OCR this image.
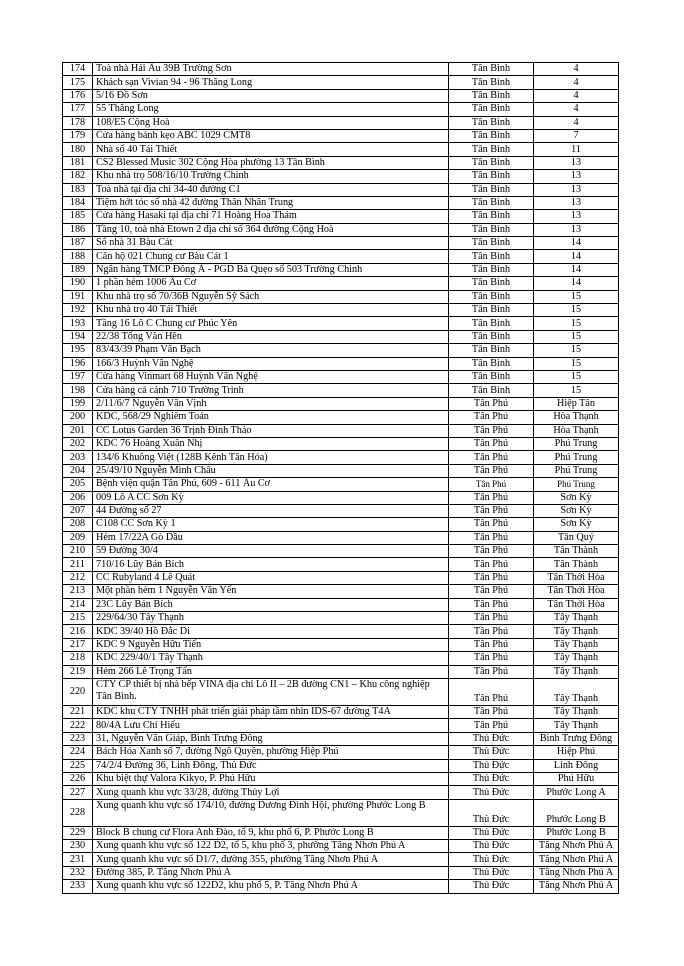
174	Toà nhà Hải Âu 39B Trường Sơn	Tân Bình	4
175	Khách sạn Vivian 94 - 96 Thăng Long	Tân Bình	4
176	5/16 Đồ Sơn	Tân Bình	4
177	55 Thăng Long	Tân Bình	4
178	108/E5 Cộng Hoà	Tân Bình	4
179	Cửa hàng bánh kẹo ABC 1029 CMT8	Tân Bình	7
180	Nhà số 40 Tái Thiết	Tân Bình	11
181	CS2 Blessed Music 302 Cộng Hòa phường 13 Tân Bình	Tân Bình	13
182	Khu nhà trọ 508/16/10 Trường Chinh	Tân Bình	13
183	Toà nhà tại địa chỉ 34-40 đường C1	Tân Bình	13
184	Tiệm hớt tóc số nhà 42 đường Thân Nhân Trung	Tân Bình	13
185	Cửa hàng Hasaki tại địa chỉ 71 Hoàng Hoa Thám	Tân Bình	13
186	Tầng 10, toà nhà Etown 2 địa chỉ số 364 đường Cộng Hoà	Tân Bình	13
187	Số nhà 31 Bàu Cát	Tân Bình	14
188	Căn hộ 021 Chung cư Bàu Cát 1	Tân Bình	14
189	Ngân hàng TMCP Đông Á - PGD Bà Quẹo số 503 Trường Chinh	Tân Bình	14
190	1 phần hẻm 1006 Âu Cơ	Tân Bình	14
191	Khu nhà trọ số 70/36B Nguyễn Sỹ Sách	Tân Bình	15
192	Khu nhà trọ 40 Tái Thiết	Tân Bình	15
193	Tầng 16 Lô C Chung cư Phúc Yên	Tân Bình	15
194	22/38 Tống Văn Hên	Tân Bình	15
195	83/43/39 Phạm Văn Bạch	Tân Bình	15
196	166/3 Huỳnh Văn Nghệ	Tân Bình	15
197	Cửa hàng Vinmart 68 Huỳnh Văn Nghệ	Tân Bình	15
198	Cửa hàng cá cảnh 710 Trường Trinh	Tân Bình	15
199	2/11/6/7 Nguyễn Văn Vịnh	Tân Phú	Hiệp Tân
200	KDC, 568/29 Nghiêm Toản	Tân Phú	Hòa Thạnh
201	CC Lotus Garden 36 Trịnh Đình Thảo	Tân Phú	Hòa Thạnh
202	KDC 76 Hoàng Xuân Nhị	Tân Phú	Phú Trung
203	134/6 Khuông Việt (128B Kênh Tân Hóa)	Tân Phú	Phú Trung
204	25/49/10 Nguyễn Minh Châu	Tân Phú	Phú Trung
205	Bệnh viện quận Tân Phú, 609 - 611 Âu Cơ	Tân Phú	Phú Trung
206	009 Lô A CC Sơn Kỳ	Tân Phú	Sơn Kỳ
207	44 Đường số 27	Tân Phú	Sơn Kỳ
208	C108 CC Sơn Kỳ 1	Tân Phú	Sơn Kỳ
209	Hẻm 17/22A Gò Dầu	Tân Phú	Tân Quý
210	59 Đường 30/4	Tân Phú	Tân Thành
211	710/16 Lũy Bán Bích	Tân Phú	Tân Thành
212	CC Rubyland 4 Lê Quát	Tân Phú	Tân Thới Hòa
213	Một phần hẻm 1 Nguyễn Văn Yến	Tân Phú	Tân Thới Hòa
214	23C Lũy Bán Bích	Tân Phú	Tân Thới Hòa
215	229/64/30 Tây Thạnh	Tân Phú	Tây Thạnh
216	KDC 39/40 Hồ Đắc Di	Tân Phú	Tây Thạnh
217	KDC 9 Nguyễn Hữu Tiến	Tân Phú	Tây Thạnh
218	KDC 229/40/1 Tây Thạnh	Tân Phú	Tây Thạnh
219	Hẻm 266 Lê Trọng Tấn	Tân Phú	Tây Thạnh
220	CTY CP thiết bị nhà bếp VINA địa chỉ Lô II – 2B đường CN1 – Khu công nghiệp Tân Bình.	Tân Phú	Tây Thạnh
221	KDC khu CTY TNHH phát triển giải pháp tầm nhìn IDS-67 đường T4A	Tân Phú	Tây Thạnh
222	80/4A Lưu Chí Hiếu	Tân Phú	Tây Thạnh
223	31, Nguyễn Văn Giáp, Bình Trưng Đông	Thủ Đức	Bình Trưng Đông
224	Bách Hóa Xanh số 7, đường Ngô Quyền, phường Hiệp Phú	Thủ Đức	Hiệp Phú
225	74/2/4 Đường 36, Linh Đông, Thủ Đức	Thủ Đức	Linh Đông
226	Khu biệt thự Valora Kikyo, P. Phú Hữu	Thủ Đức	Phú Hữu
227	Xung quanh khu vực 33/28, đường Thủy Lợi	Thủ Đức	Phước Long A
228	Xung quanh khu vực số 174/10, đường Dương Đình Hội, phường Phước Long B	Thủ Đức	Phước Long B
229	Block B chung cư Flora Anh Đào, tổ 9, khu phố 6, P. Phước Long B	Thủ Đức	Phước Long B
230	Xung quanh khu vực số 122 D2, tổ 5, khu phố 3, phường Tăng Nhơn Phú A	Thủ Đức	Tăng Nhơn Phú A
231	Xung quanh khu vực số D1/7, đường 355, phường Tăng Nhơn Phú A	Thủ Đức	Tăng Nhơn Phú A
232	Đường 385, P. Tăng Nhơn Phú A	Thủ Đức	Tăng Nhơn Phú A
233	Xung quanh khu vực số 122D2, khu phố 5, P. Tăng Nhơn Phú A	Thủ Đức	Tăng Nhơn Phú A
